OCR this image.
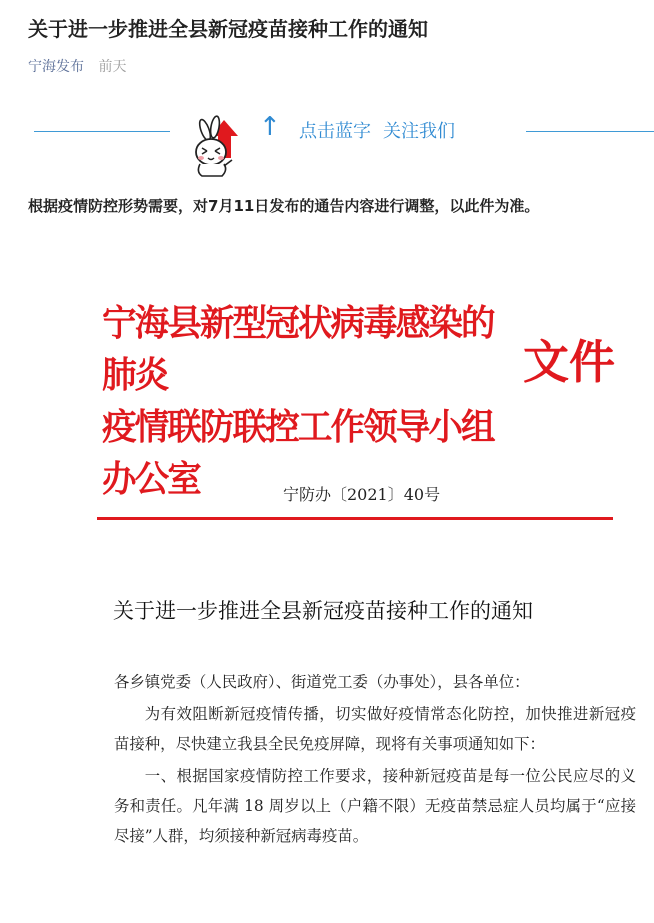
关于进一步推进全县新冠疫苗接种工作的通知
宁海发布 前天
↑ 点击蓝字 关注我们
根据疫情防控形势需要，对7月11日发布的通告内容进行调整，以此件为准。
宁海县新型冠状病毒感染的肺炎
疫情联防联控工作领导小组办公室
文件
宁防办〔2021〕40号
关于进一步推进全县新冠疫苗接种工作的通知

各乡镇党委（人民政府）、街道党工委（办事处），县各单位：

为有效阻断新冠疫情传播，切实做好疫情常态化防控，加快推进新冠疫苗接种，尽快建立我县全民免疫屏障，现将有关事项通知如下：

一、根据国家疫情防控工作要求，接种新冠疫苗是每一位公民应尽的义务和责任。凡年满 18 周岁以上（户籍不限）无疫苗禁忌症人员均属于“应接尽接”人群，均须接种新冠病毒疫苗。
